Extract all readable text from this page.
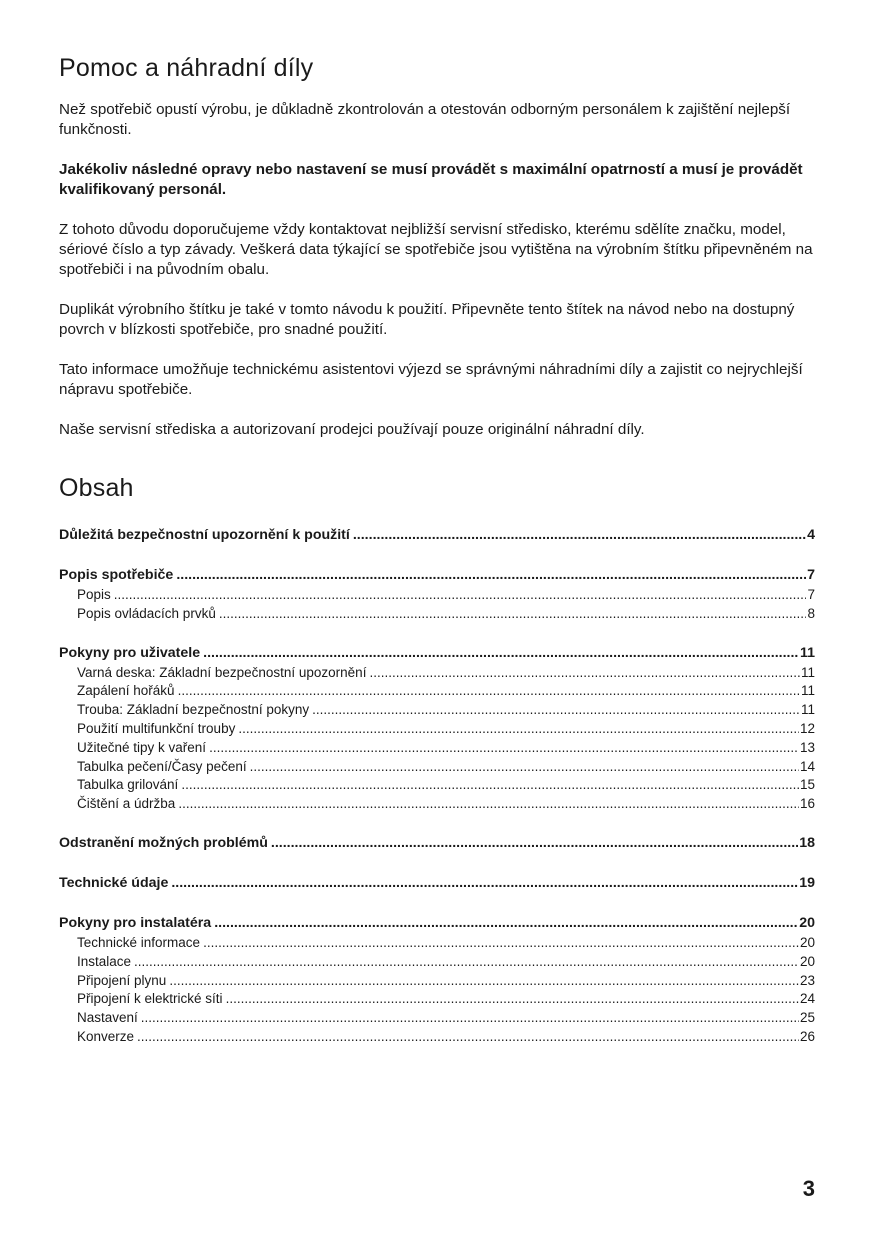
Pomoc a náhradní díly

Než spotřebič opustí výrobu, je důkladně zkontrolován a otestován odborným personálem k zajištění nejlepší funkčnosti.

Jakékoliv následné opravy nebo nastavení se musí provádět s maximální opatrností a musí je provádět kvalifikovaný personál.

Z tohoto důvodu doporučujeme vždy kontaktovat nejbližší servisní středisko, kterému sdělíte značku, model, sériové číslo a typ závady. Veškerá data týkající se spotřebiče jsou vytištěna na výrobním štítku připevněném na spotřebiči i na původním obalu.

Duplikát výrobního štítku je také v tomto návodu k použití. Připevněte tento štítek na návod nebo na dostupný povrch v blízkosti spotřebiče, pro snadné použití.

Tato informace umožňuje technickému asistentovi výjezd se správnými náhradními díly a zajistit co nejrychlejší nápravu spotřebiče.

Naše servisní střediska a autorizovaní prodejci používají pouze originální náhradní díly.

Obsah
Důležitá bezpečnostní upozornění k použití .....	4
Popis spotřebiče .....	7
Popis .....	7
Popis ovládacích prvků .....	8
Pokyny pro uživatele .....	11
Varná deska: Základní bezpečnostní upozornění .....	11
Zapálení hořáků .....	11
Trouba: Základní bezpečnostní pokyny .....	11
Použití multifunkční trouby .....	12
Užitečné tipy k vaření .....	13
Tabulka pečení/Časy pečení .....	14
Tabulka grilování .....	15
Čištění a údržba .....	16
Odstranění možných problémů .....	18
Technické údaje .....	19
Pokyny pro instalatéra .....	20
Technické informace .....	20
Instalace .....	20
Připojení plynu .....	23
Připojení k elektrické síti .....	24
Nastavení .....	25
Konverze .....	26
3
